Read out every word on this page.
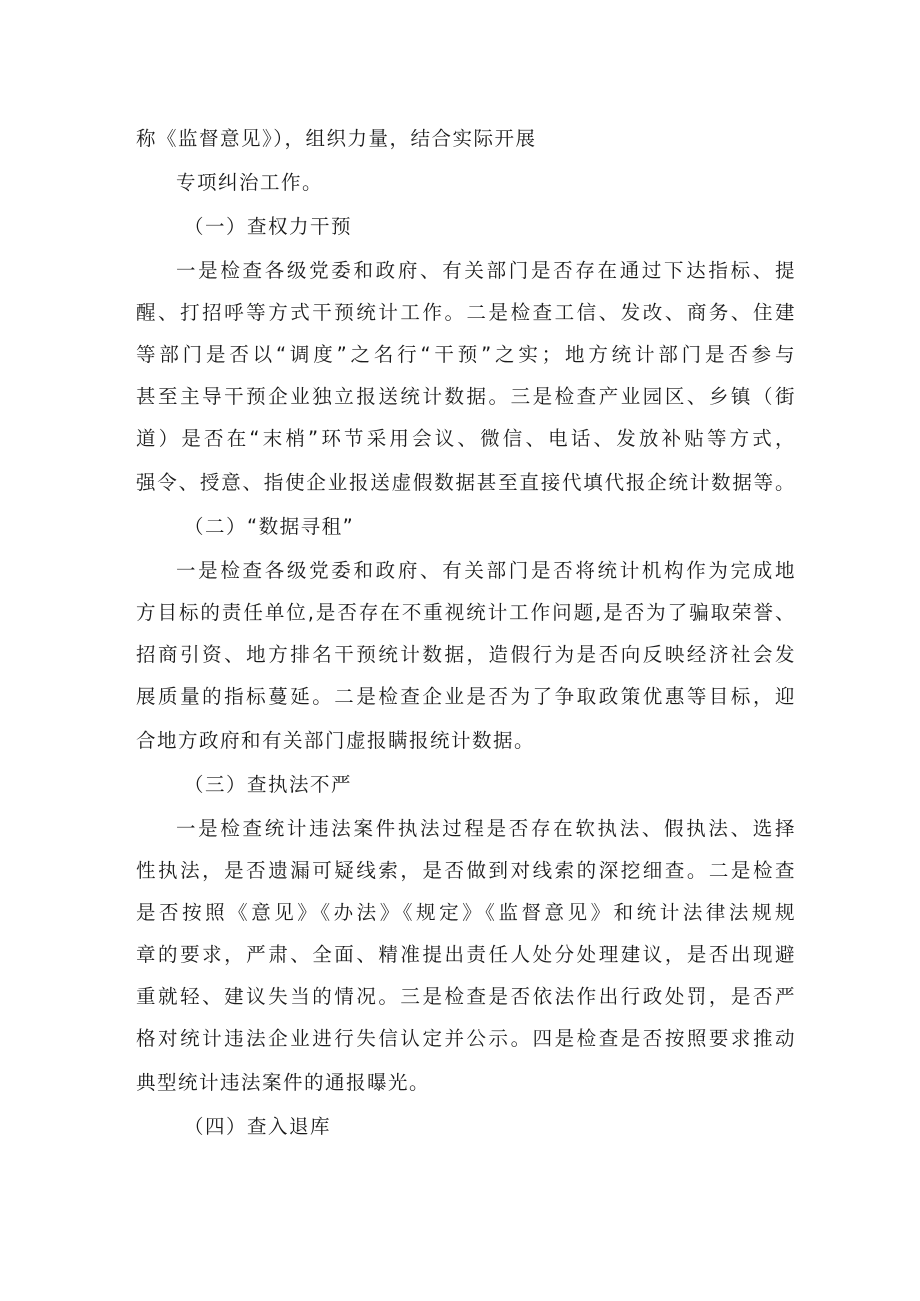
称《监督意见》），组织力量，结合实际开展
专项纠治工作。
（一）查权力干预
一是检查各级党委和政府、有关部门是否存在通过下达指标、提
醒、打招呼等方式干预统计工作。二是检查工信、发改、商务、住建
等部门是否以“调度”之名行“干预”之实；地方统计部门是否参与
甚至主导干预企业独立报送统计数据。三是检查产业园区、乡镇（街
道）是否在“末梢”环节采用会议、微信、电话、发放补贴等方式，
强令、授意、指使企业报送虚假数据甚至直接代填代报企统计数据等。
（二）“数据寻租”
一是检查各级党委和政府、有关部门是否将统计机构作为完成地
方目标的责任单位,是否存在不重视统计工作问题,是否为了骗取荣誉、
招商引资、地方排名干预统计数据，造假行为是否向反映经济社会发
展质量的指标蔓延。二是检查企业是否为了争取政策优惠等目标，迎
合地方政府和有关部门虚报瞒报统计数据。
（三）查执法不严
一是检查统计违法案件执法过程是否存在软执法、假执法、选择
性执法，是否遗漏可疑线索，是否做到对线索的深挖细查。二是检查
是否按照《意见》《办法》《规定》《监督意见》和统计法律法规规
章的要求，严肃、全面、精准提出责任人处分处理建议，是否出现避
重就轻、建议失当的情况。三是检查是否依法作出行政处罚，是否严
格对统计违法企业进行失信认定并公示。四是检查是否按照要求推动
典型统计违法案件的通报曝光。
（四）查入退库
